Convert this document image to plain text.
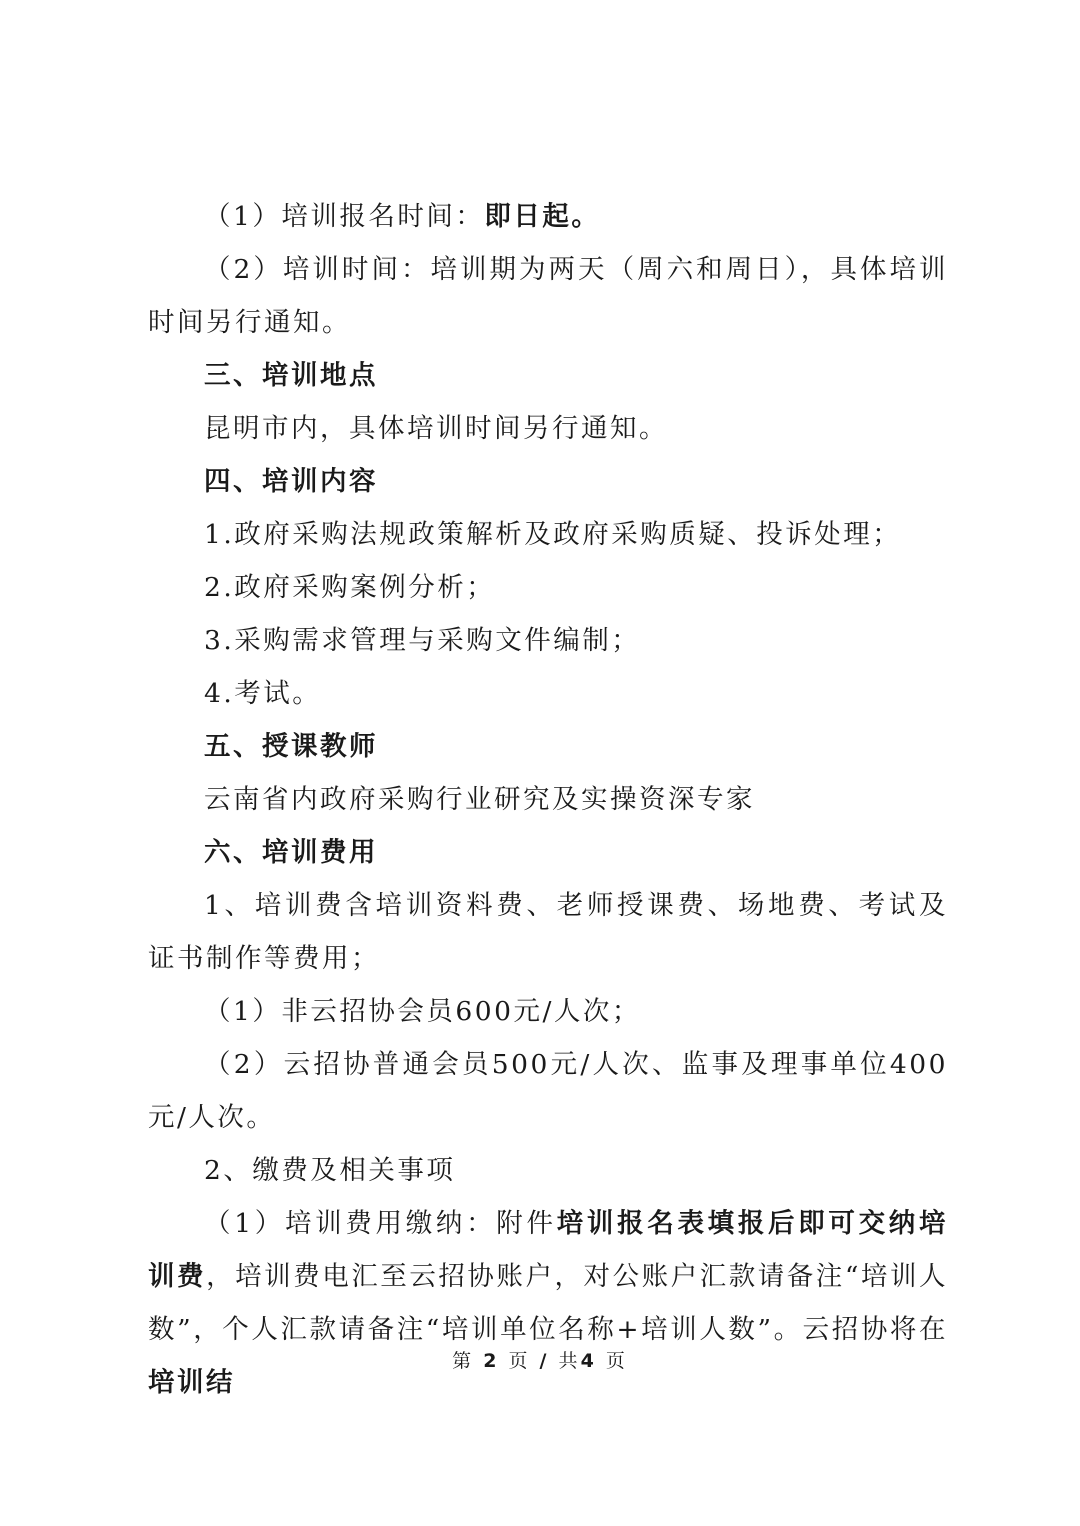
（1）培训报名时间：即日起。

（2）培训时间：培训期为两天（周六和周日），具体培训时间另行通知。

三、培训地点

昆明市内，具体培训时间另行通知。

四、培训内容

1.政府采购法规政策解析及政府采购质疑、投诉处理；

2.政府采购案例分析；

3.采购需求管理与采购文件编制；

4.考试。

五、授课教师

云南省内政府采购行业研究及实操资深专家

六、培训费用

1、培训费含培训资料费、老师授课费、场地费、考试及证书制作等费用；

（1）非云招协会员600元/人次；

（2）云招协普通会员500元/人次、监事及理事单位400元/人次。

2、缴费及相关事项

（1）培训费用缴纳：附件培训报名表填报后即可交纳培训费，培训费电汇至云招协账户，对公账户汇款请备注“培训人数”，个人汇款请备注“培训单位名称+培训人数”。云招协将在培训结

第 2 页 / 共4 页
